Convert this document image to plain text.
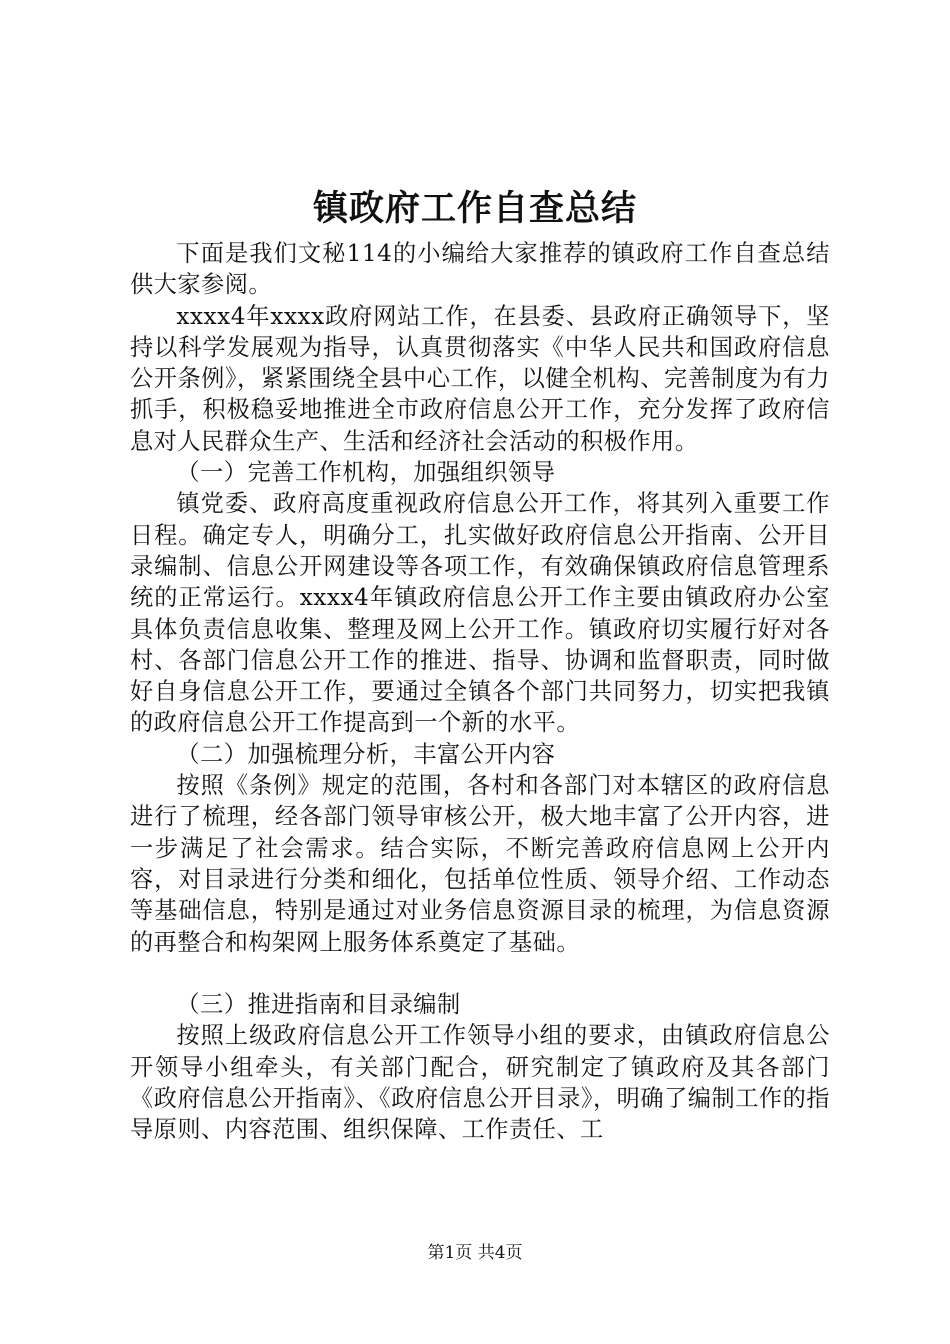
镇政府工作自查总结

下面是我们文秘114的小编给大家推荐的镇政府工作自查总结供大家参阅。

xxxx4年xxxx政府网站工作，在县委、县政府正确领导下，坚持以科学发展观为指导，认真贯彻落实《中华人民共和国政府信息公开条例》，紧紧围绕全县中心工作，以健全机构、完善制度为有力抓手，积极稳妥地推进全市政府信息公开工作，充分发挥了政府信息对人民群众生产、生活和经济社会活动的积极作用。

（一）完善工作机构，加强组织领导

镇党委、政府高度重视政府信息公开工作，将其列入重要工作日程。确定专人，明确分工，扎实做好政府信息公开指南、公开目录编制、信息公开网建设等各项工作，有效确保镇政府信息管理系统的正常运行。xxxx4年镇政府信息公开工作主要由镇政府办公室具体负责信息收集、整理及网上公开工作。镇政府切实履行好对各村、各部门信息公开工作的推进、指导、协调和监督职责，同时做好自身信息公开工作，要通过全镇各个部门共同努力，切实把我镇的政府信息公开工作提高到一个新的水平。

（二）加强梳理分析，丰富公开内容

按照《条例》规定的范围，各村和各部门对本辖区的政府信息进行了梳理，经各部门领导审核公开，极大地丰富了公开内容，进一步满足了社会需求。结合实际，不断完善政府信息网上公开内容，对目录进行分类和细化，包括单位性质、领导介绍、工作动态等基础信息，特别是通过对业务信息资源目录的梳理，为信息资源的再整合和构架网上服务体系奠定了基础。

（三）推进指南和目录编制

按照上级政府信息公开工作领导小组的要求，由镇政府信息公开领导小组牵头，有关部门配合，研究制定了镇政府及其各部门《政府信息公开指南》、《政府信息公开目录》，明确了编制工作的指导原则、内容范围、组织保障、工作责任、工

第1页 共4页
